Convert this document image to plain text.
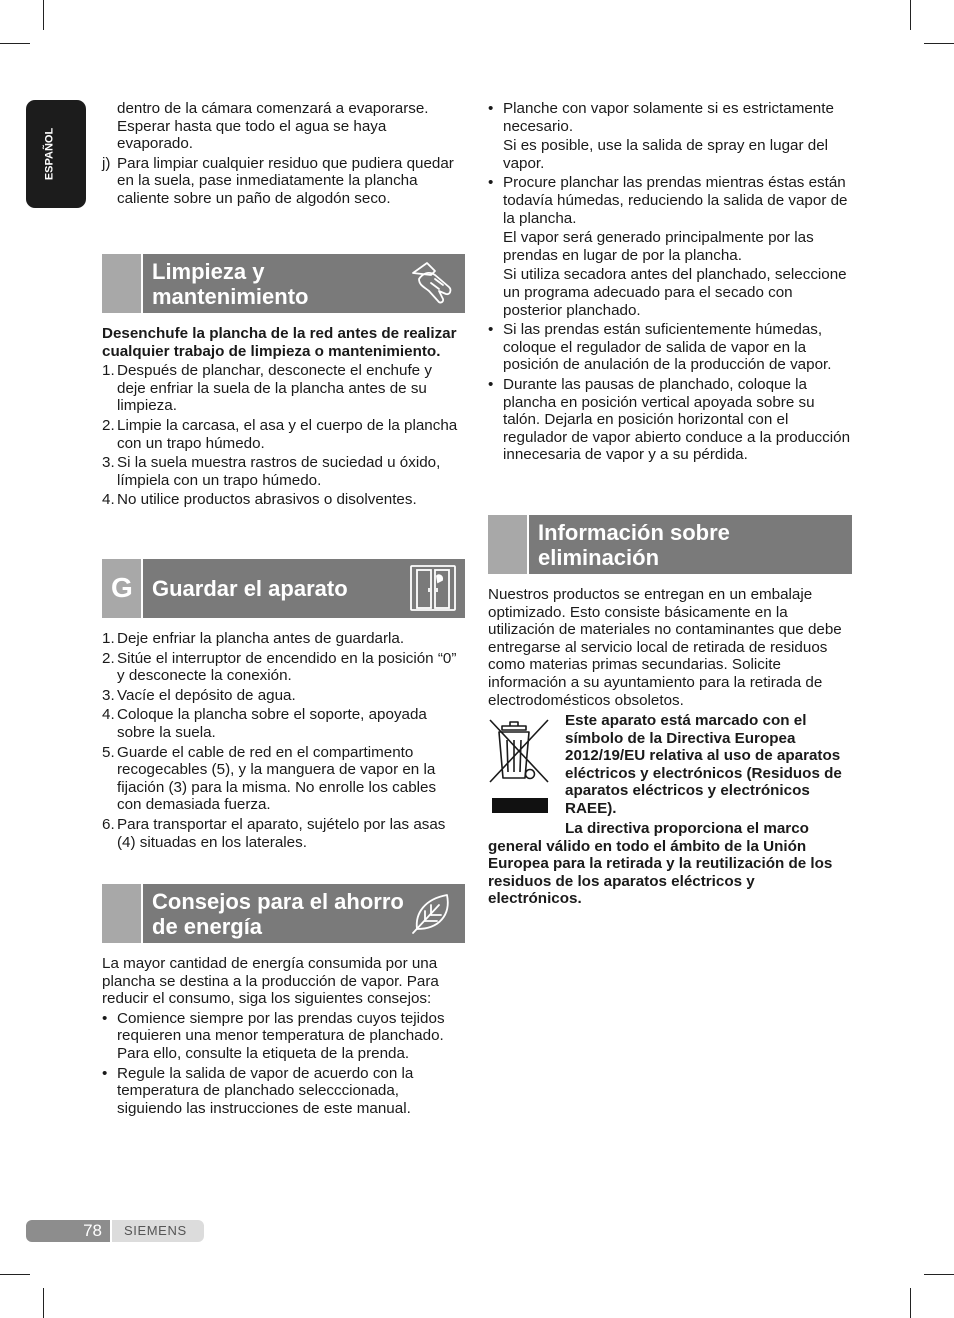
ESPAÑOL

dentro de la cámara comenzará a evaporarse. Esperar hasta que todo el agua se haya evaporado.

j) Para limpiar cualquier residuo que pudiera quedar en la suela, pase inmediatamente la plancha caliente sobre un paño de algodón seco.
Limpieza y mantenimiento

Desenchufe la plancha de la red antes de realizar cualquier trabajo de limpieza o mantenimiento.

1. Después de planchar, desconecte el enchufe y deje enfriar la suela de la plancha antes de su limpieza.
2. Limpie la carcasa, el asa y el cuerpo de la plancha con un trapo húmedo.
3. Si la suela muestra rastros de suciedad u óxido, límpiela con un trapo húmedo.
4. No utilice productos abrasivos o disolventes.
G Guardar el aparato
1. Deje enfriar la plancha antes de guardarla.
2. Sitúe el interruptor de encendido en la posición “0” y desconecte la conexión.
3. Vacíe el depósito de agua.
4. Coloque la plancha sobre el soporte, apoyada sobre la suela.
5. Guarde el cable de red en el compartimento recogecables (5), y la manguera de vapor en la fijación (3) para la misma. No enrolle los cables con demasiada fuerza.
6. Para transportar el aparato, sujételo por las asas (4) situadas en los laterales.
Consejos para el ahorro de energía

La mayor cantidad de energía consumida por una plancha se destina a la producción de vapor. Para reducir el consumo, siga los siguientes consejos:

• Comience siempre por las prendas cuyos tejidos requieren una menor temperatura de planchado. Para ello, consulte la etiqueta de la prenda.
• Regule la salida de vapor de acuerdo con la temperatura de planchado selecccionada, siguiendo las instrucciones de este manual.
• Planche con vapor solamente si es estrictamente necesario.

Si es posible, use la salida de spray en lugar del vapor.

• Procure planchar las prendas mientras éstas están todavía húmedas, reduciendo la salida de vapor de la plancha.

El vapor será generado principalmente por las prendas en lugar de por la plancha.

Si utiliza secadora antes del planchado, seleccione un programa adecuado para el secado con posterior planchado.

• Si las prendas están suficientemente húmedas, coloque el regulador de salida de vapor en la posición de anulación de la producción de vapor.
• Durante las pausas de planchado, coloque la plancha en posición vertical apoyada sobre su talón. Dejarla en posición horizontal con el regulador de vapor abierto conduce a la producción innecesaria de vapor y a su pérdida.
Información sobre eliminación

Nuestros productos se entregan en un embalaje optimizado. Esto consiste básicamente en la utilización de materiales no contaminantes que debe entregarse al servicio local de retirada de residuos como materias primas secundarias. Solicite información a su ayuntamiento para la retirada de electrodomésticos obsoletos.

Este aparato está marcado con el símbolo de la Directiva Europea 2012/19/EU relativa al uso de aparatos eléctricos y electrónicos (Residuos de aparatos eléctricos y electrónicos RAEE).

La directiva proporciona el marco general válido en todo el ámbito de la Unión Europea para la retirada y la reutilización de los residuos de los aparatos eléctricos y electrónicos.

78 SIEMENS
